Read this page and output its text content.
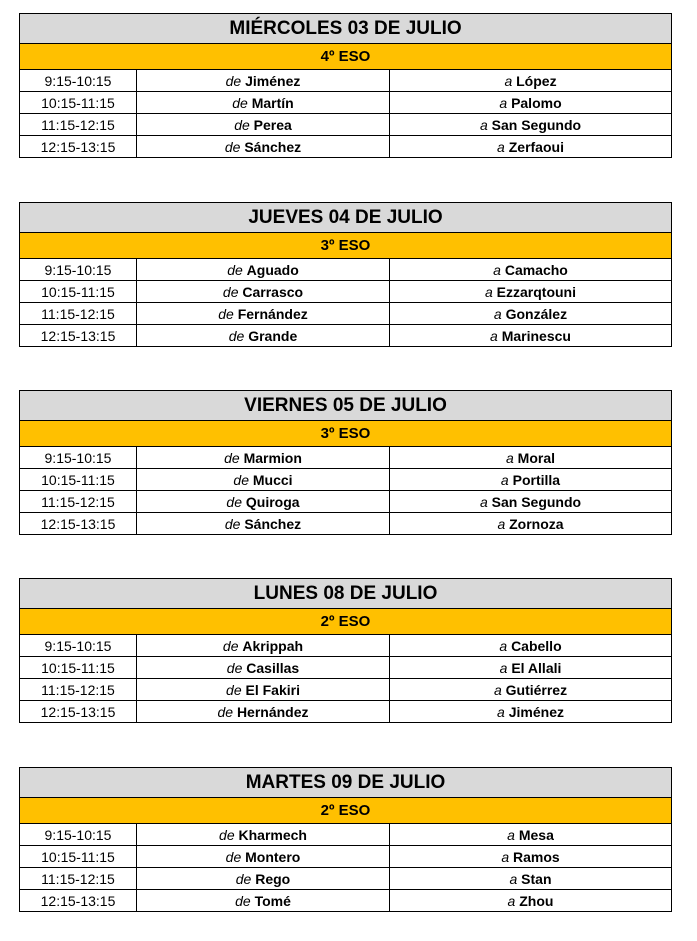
MIÉRCOLES 03 DE JULIO		
4º ESO		
9:15-10:15	de Jiménez	a López
10:15-11:15	de Martín	a Palomo
11:15-12:15	de Perea	a San Segundo
12:15-13:15	de Sánchez	a Zerfaoui
JUEVES 04 DE JULIO		
3º ESO		
9:15-10:15	de Aguado	a Camacho
10:15-11:15	de Carrasco	a Ezzarqtouni
11:15-12:15	de Fernández	a González
12:15-13:15	de Grande	a Marinescu
VIERNES 05 DE JULIO		
3º ESO		
9:15-10:15	de Marmion	a Moral
10:15-11:15	de Mucci	a Portilla
11:15-12:15	de Quiroga	a San Segundo
12:15-13:15	de Sánchez	a Zornoza
LUNES 08 DE JULIO		
2º ESO		
9:15-10:15	de Akrippah	a Cabello
10:15-11:15	de Casillas	a El Allali
11:15-12:15	de El Fakiri	a Gutiérrez
12:15-13:15	de Hernández	a Jiménez
MARTES 09 DE JULIO		
2º ESO		
9:15-10:15	de Kharmech	a Mesa
10:15-11:15	de Montero	a Ramos
11:15-12:15	de Rego	a Stan
12:15-13:15	de Tomé	a Zhou
